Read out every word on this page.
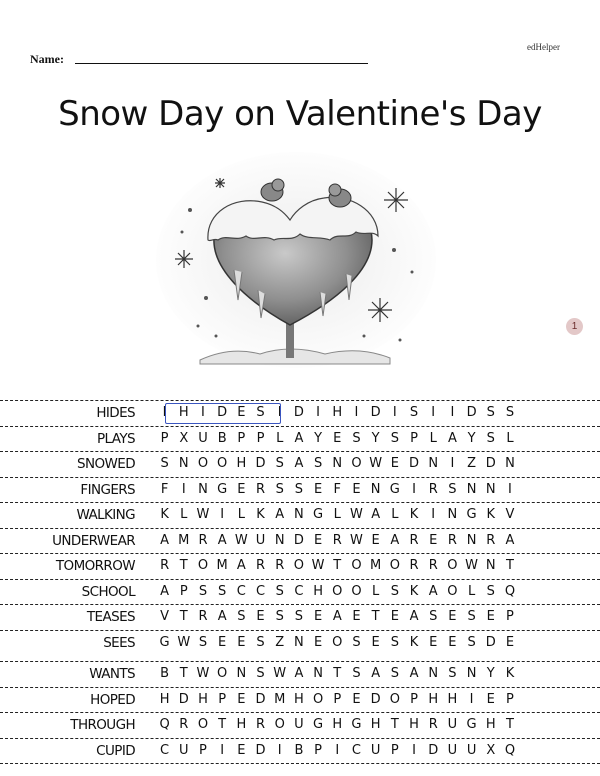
edHelper
Name:
Snow Day on Valentine's Day
1
HIDES	I H I D E S I D I H I D I S I I D S S
PLAYS	P X U B P P L A Y E S Y S P L A Y S L
SNOWED	S N O O H D S A S N O W E D N I Z D N
FINGERS	F I N G E R S S E F E N G I R S N N I
WALKING	K L W I L K A N G L W A L K I N G K V
UNDERWEAR	A M R A W U N D E R W E A R E R N R A
TOMORROW	R T O M A R R O W T O M O R R O W N T
SCHOOL	A P S S C C S C H O O L S K A O L S Q
TEASES	V T R A S E S S E A E T E A S E S E P
SEES	G W S E E S Z N E O S E S K E E S D E
WANTS	B T W O N S W A N T S A S A N S N Y K
HOPED	H D H P E D M H O P E D O P H H I E P
THROUGH	Q R O T H R O U G H G H T H R U G H T
CUPID	C U P I E D I B P I C U P I D U U X Q
